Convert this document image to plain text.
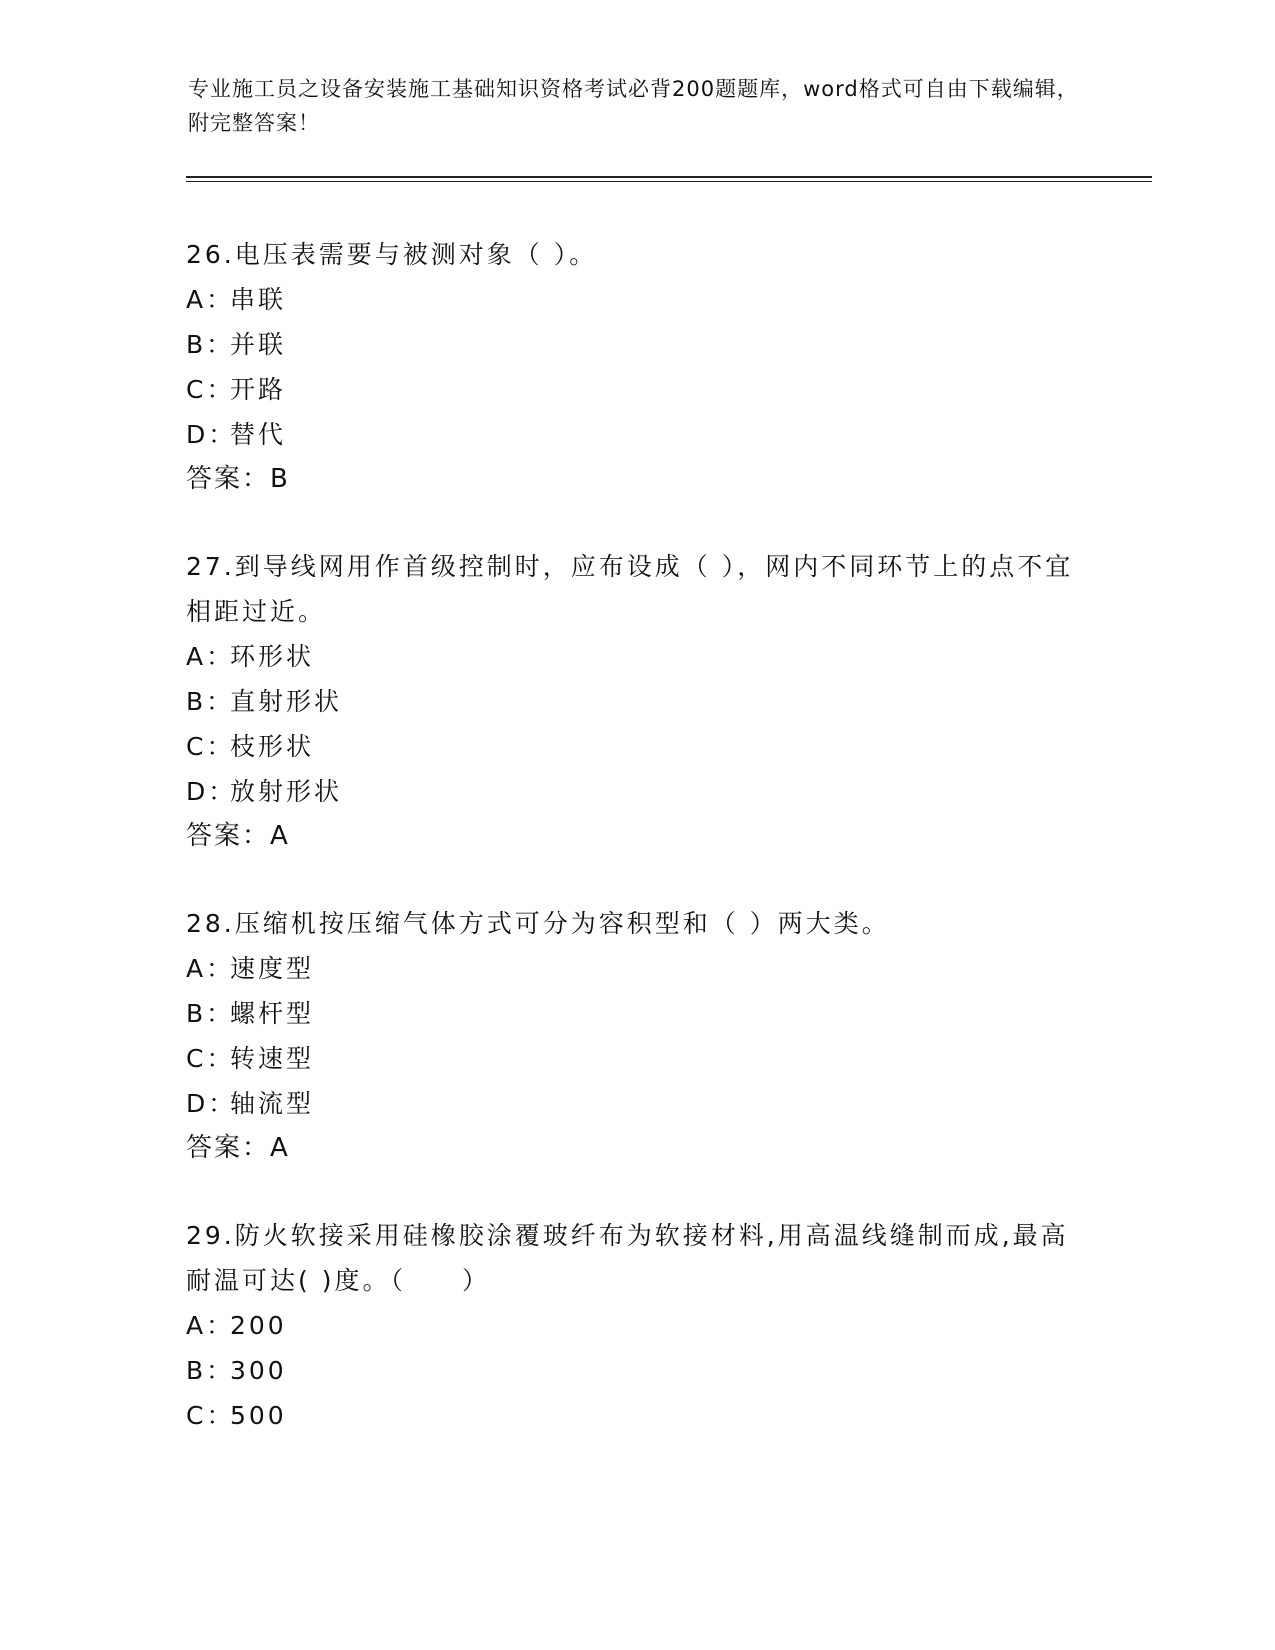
专业施工员之设备安装施工基础知识资格考试必背200题题库，word格式可自由下载编辑，附完整答案！

26.电压表需要与被测对象（ ）。

A：串联

B：并联

C：开路

D：替代

答案：B

27.到导线网用作首级控制时，应布设成（ ），网内不同环节上的点不宜相距过近。

A：环形状

B：直射形状

C：枝形状

D：放射形状

答案：A

28.压缩机按压缩气体方式可分为容积型和（ ）两大类。

A：速度型

B：螺杆型

C：转速型

D：轴流型

答案：A

29.防火软接采用硅橡胶涂覆玻纤布为软接材料,用高温线缝制而成,最高耐温可达( )度。（　　）

A：200

B：300

C：500
